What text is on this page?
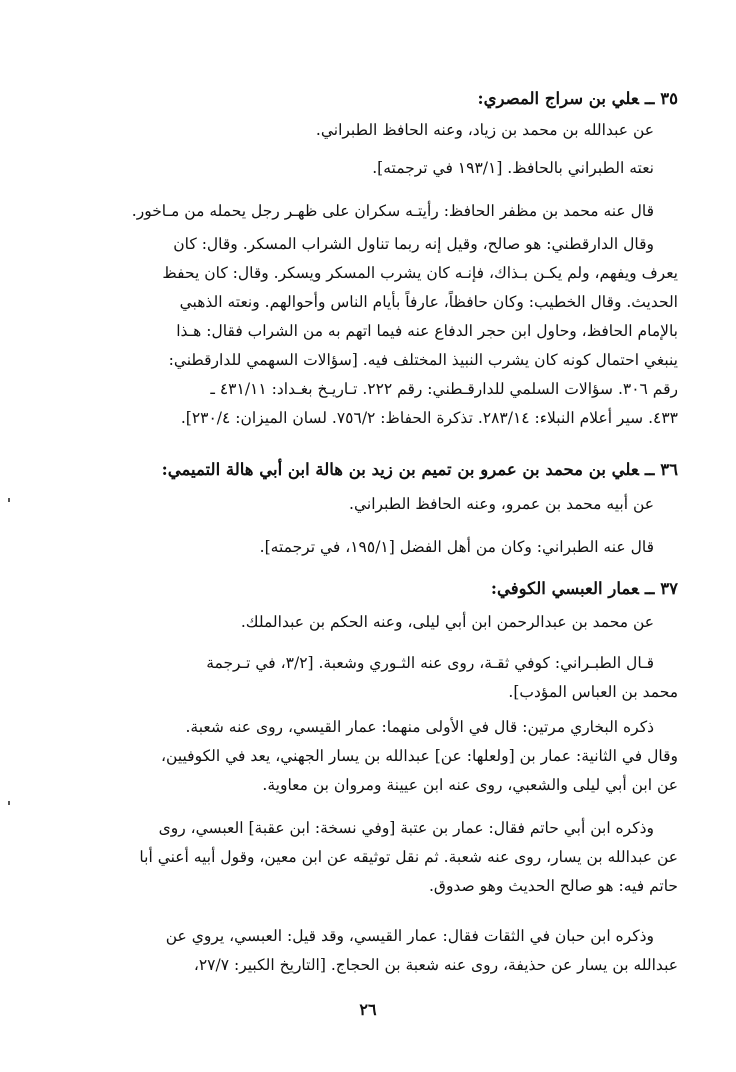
٣٥ ــعلي بن سراج المصري:
عن عبدالله بن محمد بن زياد، وعنه الحافظ الطبراني.
نعته الطبراني بالحافظ. [١٩٣/١ في ترجمته].
قال عنه محمد بن مظفر الحافظ: رأيتـه سكران على ظهـر رجل يحمله من مـاخور.
وقال الدارقطني: هو صالح، وقيل إنه ربما تناول الشراب المسكر. وقال: كان
يعرف ويفهم، ولم يكـن بـذاك، فإنـه كان يشرب المسكر ويسكر. وقال: كان يحفظ
الحديث. وقال الخطيب: وكان حافظاً، عارفاً بأيام الناس وأحوالهم. ونعته الذهبي
بالإمام الحافظ، وحاول ابن حجر الدفاع عنه فيما اتهم به من الشراب فقال: هـذا
ينبغي احتمال كونه كان يشرب النبيذ المختلف فيه. [سؤالات السهمي للدارقطني:
رقم ٣٠٦. سؤالات السلمي للدارقـطني: رقم ٢٢٢. تـاريـخ بغـداد: ٤٣١/١١ ـ
٤٣٣. سير أعلام النبلاء: ٢٨٣/١٤. تذكرة الحفاظ: ٧٥٦/٢. لسان الميزان: ٢٣٠/٤].
٣٦ ــعلي بن محمد بن عمرو بن تميم بن زيد بن هالة ابن أبي هالة التميمي:
عن أبيه محمد بن عمرو، وعنه الحافظ الطبراني.
قال عنه الطبراني: وكان من أهل الفضل [١٩٥/١، في ترجمته].
٣٧ ــعمار العبسي الكوفي:
عن محمد بن عبدالرحمن ابن أبي ليلى، وعنه الحكم بن عبدالملك.
قـال الطبـراني: كوفي ثقـة، روى عنه الثـوري وشعبة. [٣/٢، في تـرجمة
محمد بن العباس المؤدب].
ذكره البخاري مرتين: قال في الأولى منهما: عمار القيسي، روى عنه شعبة.
وقال في الثانية: عمار بن [ولعلها: عن] عبدالله بن يسار الجهني، يعد في الكوفيين،
عن ابن أبي ليلى والشعبي، روى عنه ابن عيينة ومروان بن معاوية.
وذكره ابن أبي حاتم فقال: عمار بن عتبة [وفي نسخة: ابن عقبة] العبسي، روى
عن عبدالله بن يسار، روى عنه شعبة. ثم نقل توثيقه عن ابن معين، وقول أبيه أعني أبا
حاتم فيه: هو صالح الحديث وهو صدوق.
وذكره ابن حبان في الثقات فقال: عمار القيسي، وقد قيل: العبسي، يروي عن
عبدالله بن يسار عن حذيفة، روى عنه شعبة بن الحجاج. [التاريخ الكبير: ٢٧/٧،
٢٦
